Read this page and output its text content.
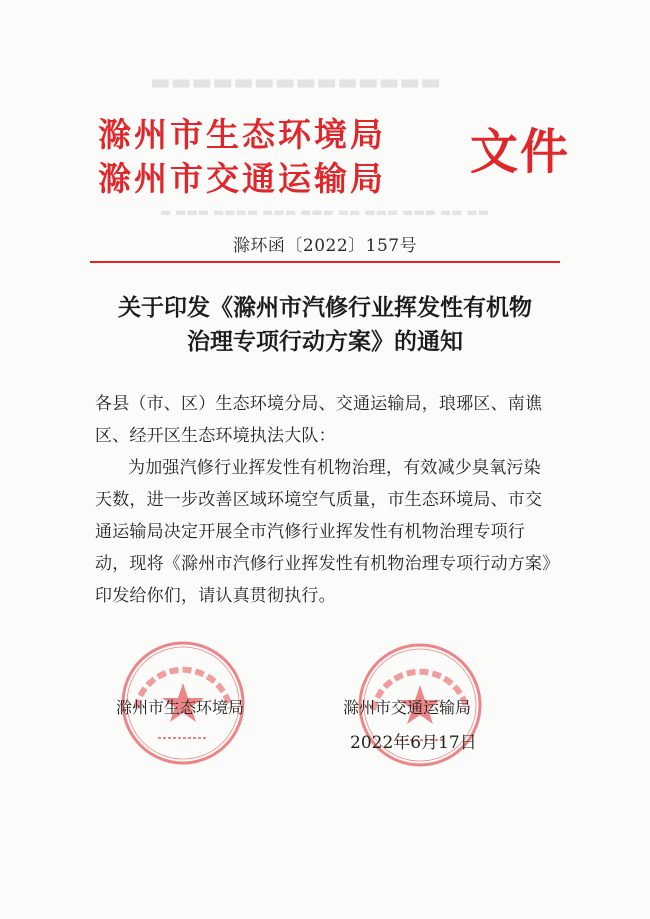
▬▬▬▬▬▬▬▬▬▬▬▬▬▬
▬ ▬▬▬ ▬▬▬▬ ▬▬▬ ▬▬▬ ▬▬ ▬▬▬ ▬▬▬ ▬▬ ▬▬
滁州市生态环境局
滁州市交通运输局 文件
滁环函〔2022〕157号
关于印发《滁州市汽修行业挥发性有机物
治理专项行动方案》的通知
各县（市、区）生态环境分局、交通运输局，琅琊区、南谯
区、经开区生态环境执法大队：
为加强汽修行业挥发性有机物治理，有效减少臭氧污染
天数，进一步改善区域环境空气质量，市生态环境局、市交
通运输局决定开展全市汽修行业挥发性有机物治理专项行
动，现将《滁州市汽修行业挥发性有机物治理专项行动方案》
印发给你们，请认真贯彻执行。
滁州市生态环境局	滁州市交通运输局
2022年6月17日
